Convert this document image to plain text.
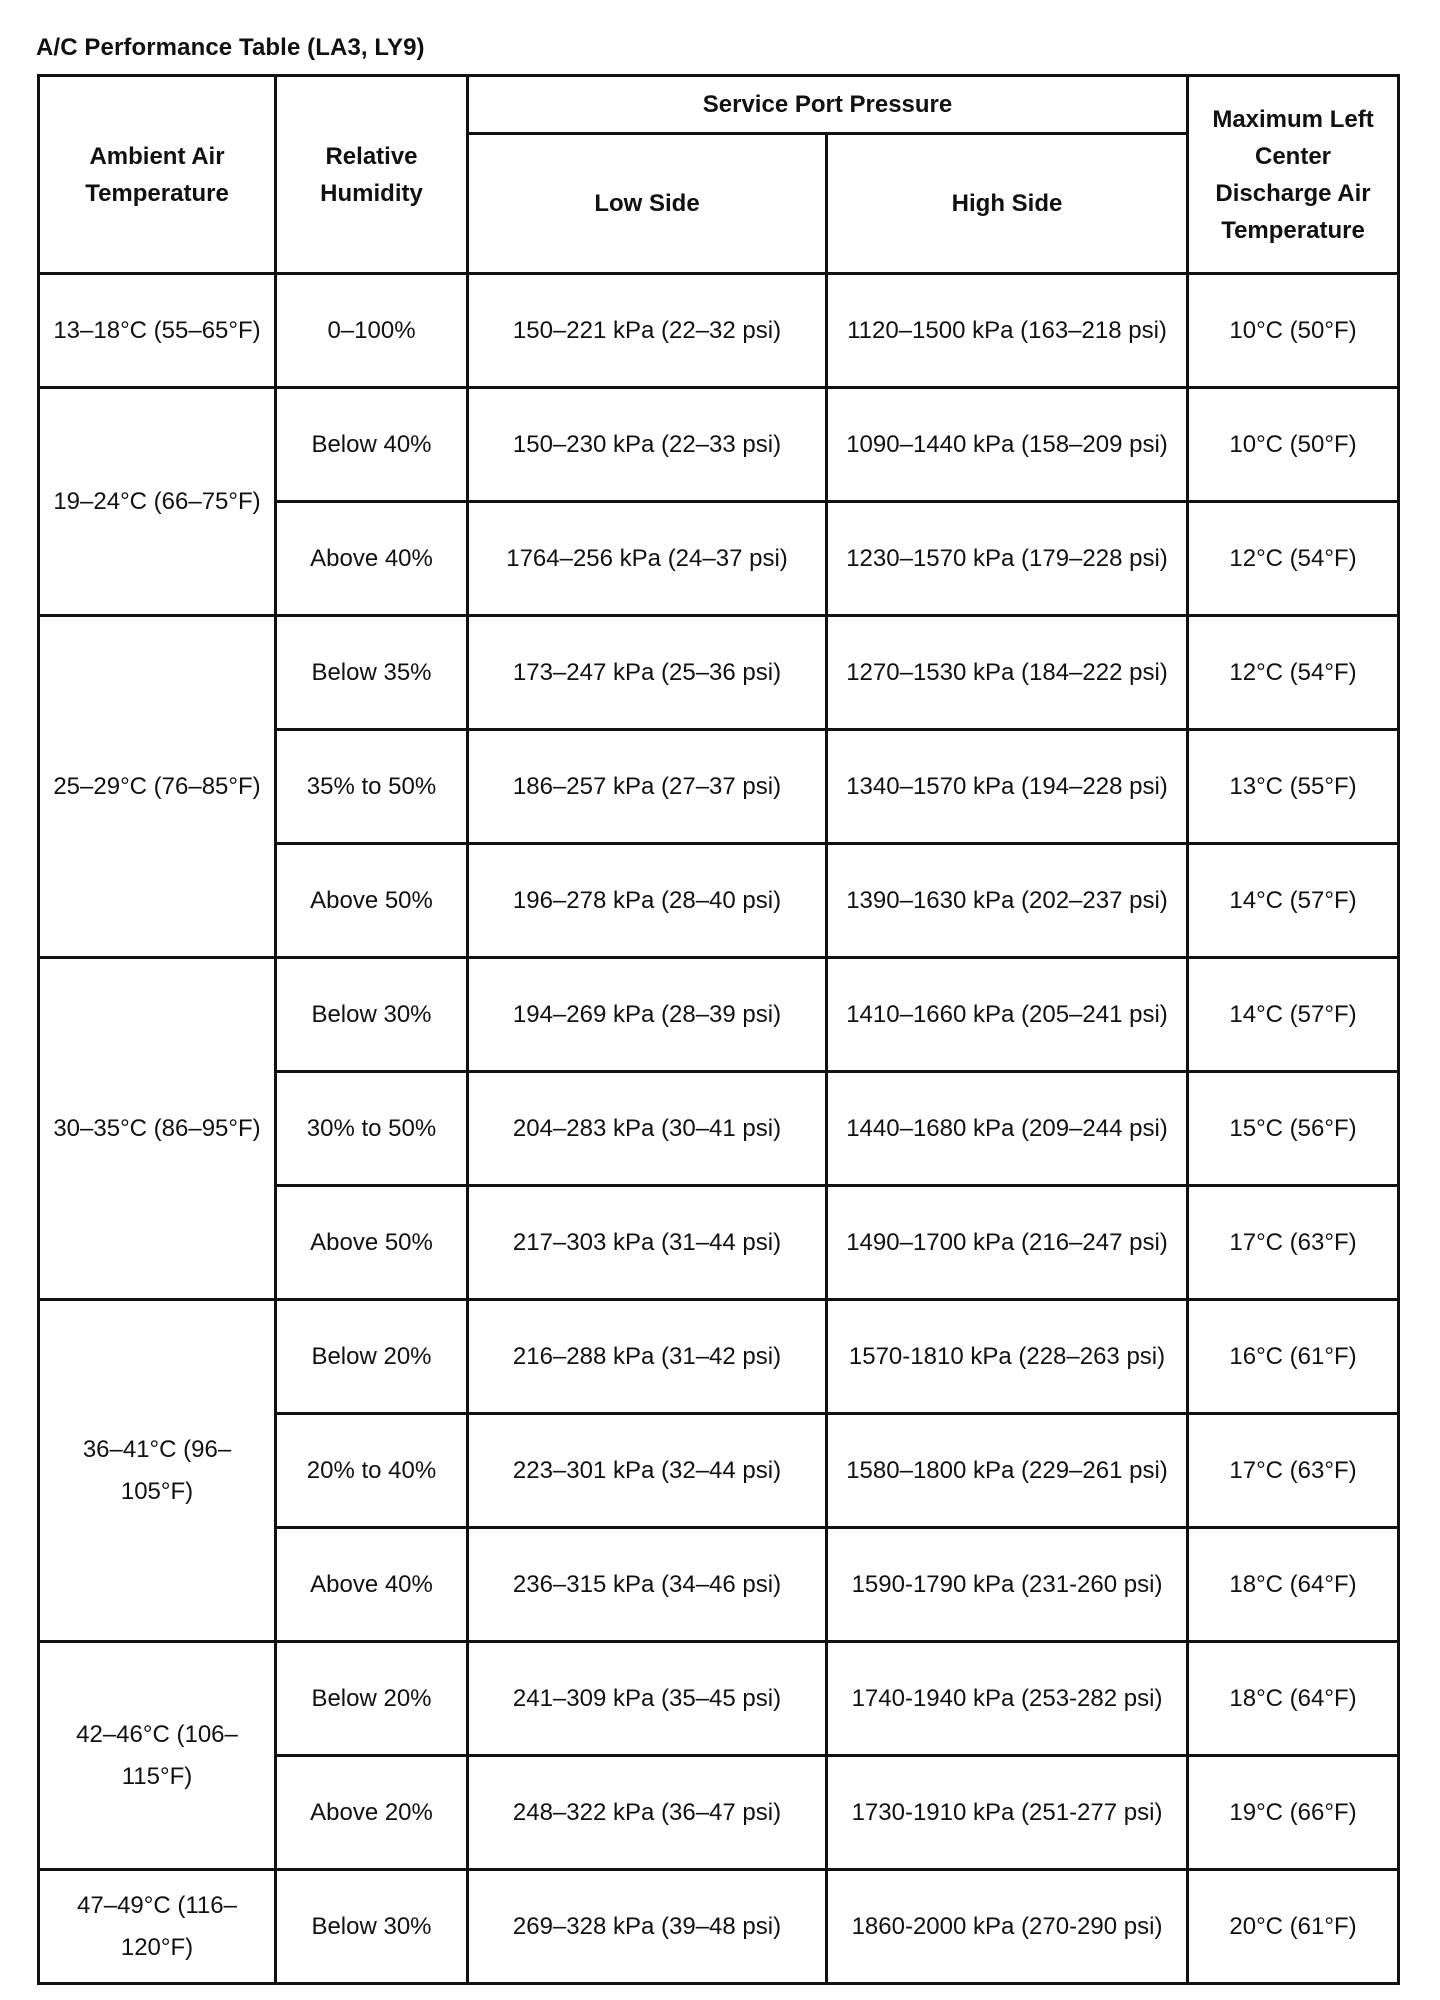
A/C Performance Table (LA3, LY9)
Ambient Air Temperature	Relative Humidity	Service Port Pressure		Maximum Left Center Discharge Air Temperature
		Low Side	High Side	
13–18°C (55–65°F)	0–100%	150–221 kPa (22–32 psi)	1120–1500 kPa (163–218 psi)	10°C (50°F)
19–24°C (66–75°F)	Below 40%	150–230 kPa (22–33 psi)	1090–1440 kPa (158–209 psi)	10°C (50°F)
	Above 40%	1764–256 kPa (24–37 psi)	1230–1570 kPa (179–228 psi)	12°C (54°F)
25–29°C (76–85°F)	Below 35%	173–247 kPa (25–36 psi)	1270–1530 kPa (184–222 psi)	12°C (54°F)
	35% to 50%	186–257 kPa (27–37 psi)	1340–1570 kPa (194–228 psi)	13°C (55°F)
	Above 50%	196–278 kPa (28–40 psi)	1390–1630 kPa (202–237 psi)	14°C (57°F)
30–35°C (86–95°F)	Below 30%	194–269 kPa (28–39 psi)	1410–1660 kPa (205–241 psi)	14°C (57°F)
	30% to 50%	204–283 kPa (30–41 psi)	1440–1680 kPa (209–244 psi)	15°C (56°F)
	Above 50%	217–303 kPa (31–44 psi)	1490–1700 kPa (216–247 psi)	17°C (63°F)
36–41°C (96–105°F)	Below 20%	216–288 kPa (31–42 psi)	1570-1810 kPa (228–263 psi)	16°C (61°F)
	20% to 40%	223–301 kPa (32–44 psi)	1580–1800 kPa (229–261 psi)	17°C (63°F)
	Above 40%	236–315 kPa (34–46 psi)	1590-1790 kPa (231-260 psi)	18°C (64°F)
42–46°C (106–115°F)	Below 20%	241–309 kPa (35–45 psi)	1740-1940 kPa (253-282 psi)	18°C (64°F)
	Above 20%	248–322 kPa (36–47 psi)	1730-1910 kPa (251-277 psi)	19°C (66°F)
47–49°C (116–120°F)	Below 30%	269–328 kPa (39–48 psi)	1860-2000 kPa (270-290 psi)	20°C (61°F)
